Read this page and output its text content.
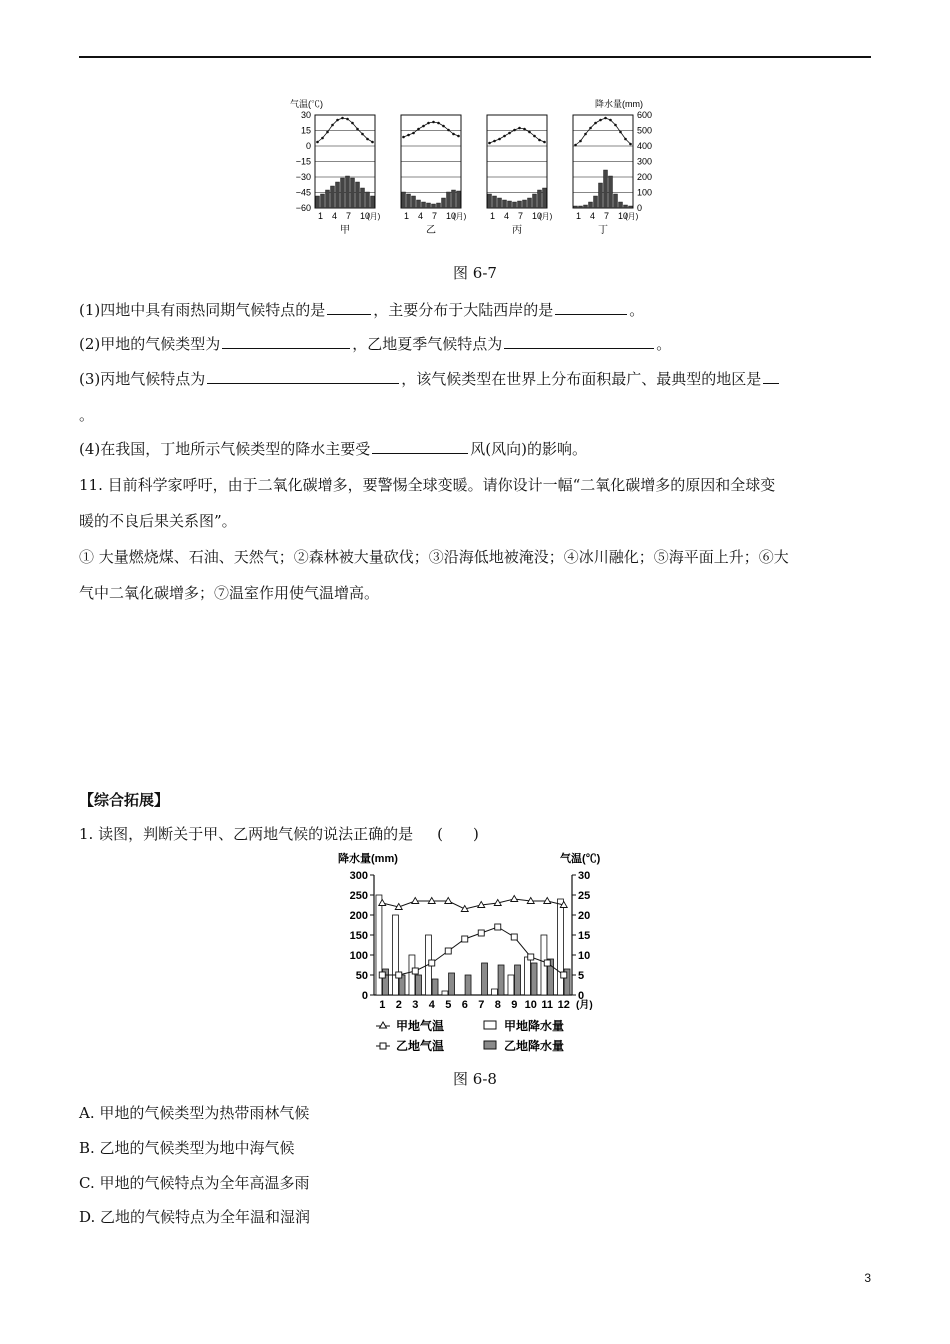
气温(℃)	降水量(mm)
30
15
0
−15
−30
−45
−60
600
500
400
300
200
100
0
1 4 7 10
(月)
甲
1 4 7 10
(月)
乙
1 4 7 10
(月)
丙
1 4 7 10
(月)
丁
图 6-7
(1)四地中具有雨热同期气候特点的是	，主要分布于大陆西岸的是	。
(2)甲地的气候类型为	，乙地夏季气候特点为	。
(3)丙地气候特点为	，该气候类型在世界上分布面积最广、最典型的地区是
。
(4)在我国，丁地所示气候类型的降水主要受	风(风向)的影响。
11. 目前科学家呼吁，由于二氧化碳增多，要警惕全球变暖。请你设计一幅“二氧化碳增多的原因和全球变
暖的不良后果关系图”。
① 大量燃烧煤、石油、天然气；②森林被大量砍伐；③沿海低地被淹没；④冰川融化；⑤海平面上升；⑥大
气中二氧化碳增多；⑦温室作用使气温增高。
【综合拓展】
1. 读图，判断关于甲、乙两地气候的说法正确的是 (　　)
降水量(mm)	气温(℃)
0
50
100
150
200
250
300
0
5
10
15
20
25
30
1 2 3 4 5 6 7 8 9 10 11 12 (月)
甲地气温	甲地降水量
乙地气温	乙地降水量
图 6-8
A. 甲地的气候类型为热带雨林气候
B. 乙地的气候类型为地中海气候
C. 甲地的气候特点为全年高温多雨
D. 乙地的气候特点为全年温和湿润
3
